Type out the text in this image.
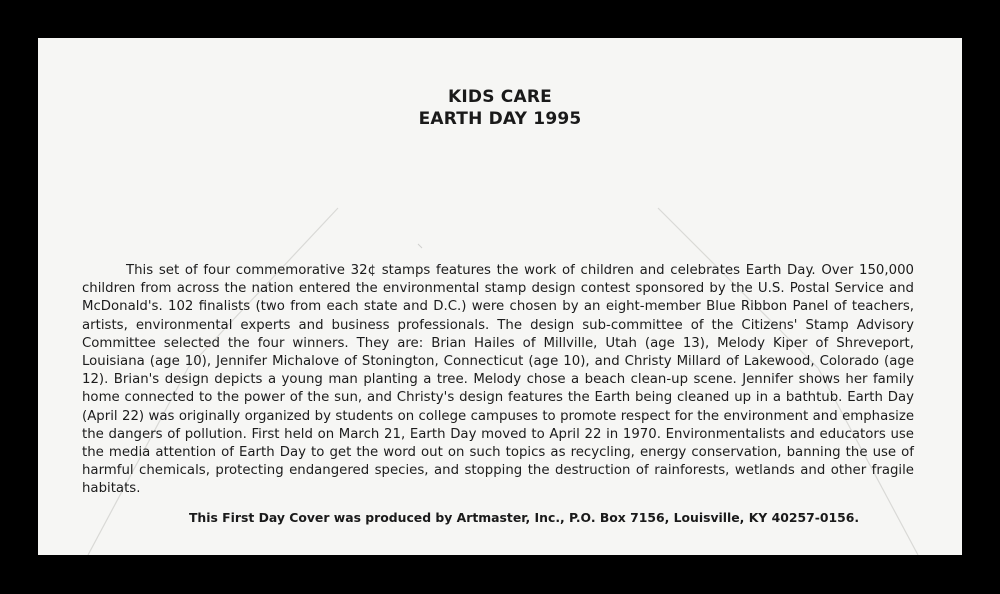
KIDS CARE
EARTH DAY 1995

This set of four commemorative 32¢ stamps features the work of children and celebrates Earth Day. Over 150,000 children from across the nation entered the environmental stamp design contest sponsored by the U.S. Postal Service and McDonald's. 102 finalists (two from each state and D.C.) were chosen by an eight-member Blue Ribbon Panel of teachers, artists, environmental experts and business professionals. The design sub-committee of the Citizens' Stamp Advisory Committee selected the four winners. They are: Brian Hailes of Millville, Utah (age 13), Melody Kiper of Shreveport, Louisiana (age 10), Jennifer Michalove of Stonington, Connecticut (age 10), and Christy Millard of Lakewood, Colorado (age 12). Brian's design depicts a young man planting a tree. Melody chose a beach clean-up scene. Jennifer shows her family home connected to the power of the sun, and Christy's design features the Earth being cleaned up in a bathtub. Earth Day (April 22) was originally organized by students on college campuses to promote respect for the environment and emphasize the dangers of pollution. First held on March 21, Earth Day moved to April 22 in 1970. Environmentalists and educators use the media attention of Earth Day to get the word out on such topics as recycling, energy conservation, banning the use of harmful chemicals, protecting endangered species, and stopping the destruction of rainforests, wetlands and other fragile habitats.

This First Day Cover was produced by Artmaster, Inc., P.O. Box 7156, Louisville, KY 40257-0156.
